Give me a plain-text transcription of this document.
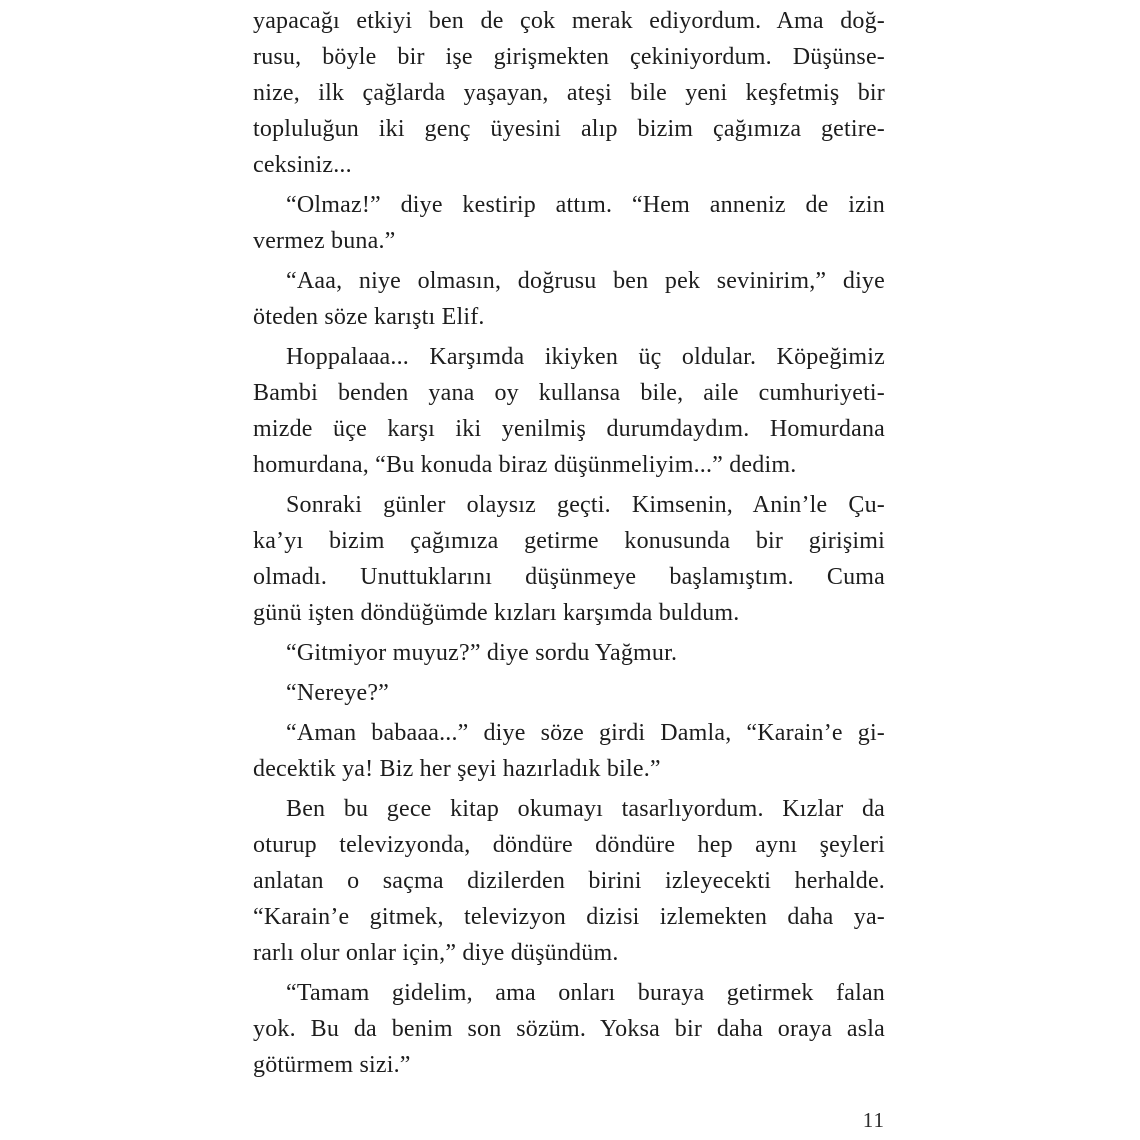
yapacağı etkiyi ben de çok merak ediyordum. Ama doğ-
rusu, böyle bir işe girişmekten çekiniyordum. Düşünse-
nize, ilk çağlarda yaşayan, ateşi bile yeni keşfetmiş bir
topluluğun iki genç üyesini alıp bizim çağımıza getire-
ceksiniz...
“Olmaz!” diye kestirip attım. “Hem anneniz de izin
vermez buna.”
“Aaa, niye olmasın, doğrusu ben pek sevinirim,” diye
öteden söze karıştı Elif.
Hoppalaaa... Karşımda ikiyken üç oldular. Köpeğimiz
Bambi benden yana oy kullansa bile, aile cumhuriyeti-
mizde üçe karşı iki yenilmiş durumdaydım. Homurdana
homurdana, “Bu konuda biraz düşünmeliyim...” dedim.
Sonraki günler olaysız geçti. Kimsenin, Anin’le Çu-
ka’yı bizim çağımıza getirme konusunda bir girişimi
olmadı. Unuttuklarını düşünmeye başlamıştım. Cuma
günü işten döndüğümde kızları karşımda buldum.
“Gitmiyor muyuz?” diye sordu Yağmur.
“Nereye?”
“Aman babaaa...” diye söze girdi Damla, “Karain’e gi-
decektik ya! Biz her şeyi hazırladık bile.”
Ben bu gece kitap okumayı tasarlıyordum. Kızlar da
oturup televizyonda, döndüre döndüre hep aynı şeyleri
anlatan o saçma dizilerden birini izleyecekti herhalde.
“Karain’e gitmek, televizyon dizisi izlemekten daha ya-
rarlı olur onlar için,” diye düşündüm.
“Tamam gidelim, ama onları buraya getirmek falan
yok. Bu da benim son sözüm. Yoksa bir daha oraya asla
götürmem sizi.”
11
